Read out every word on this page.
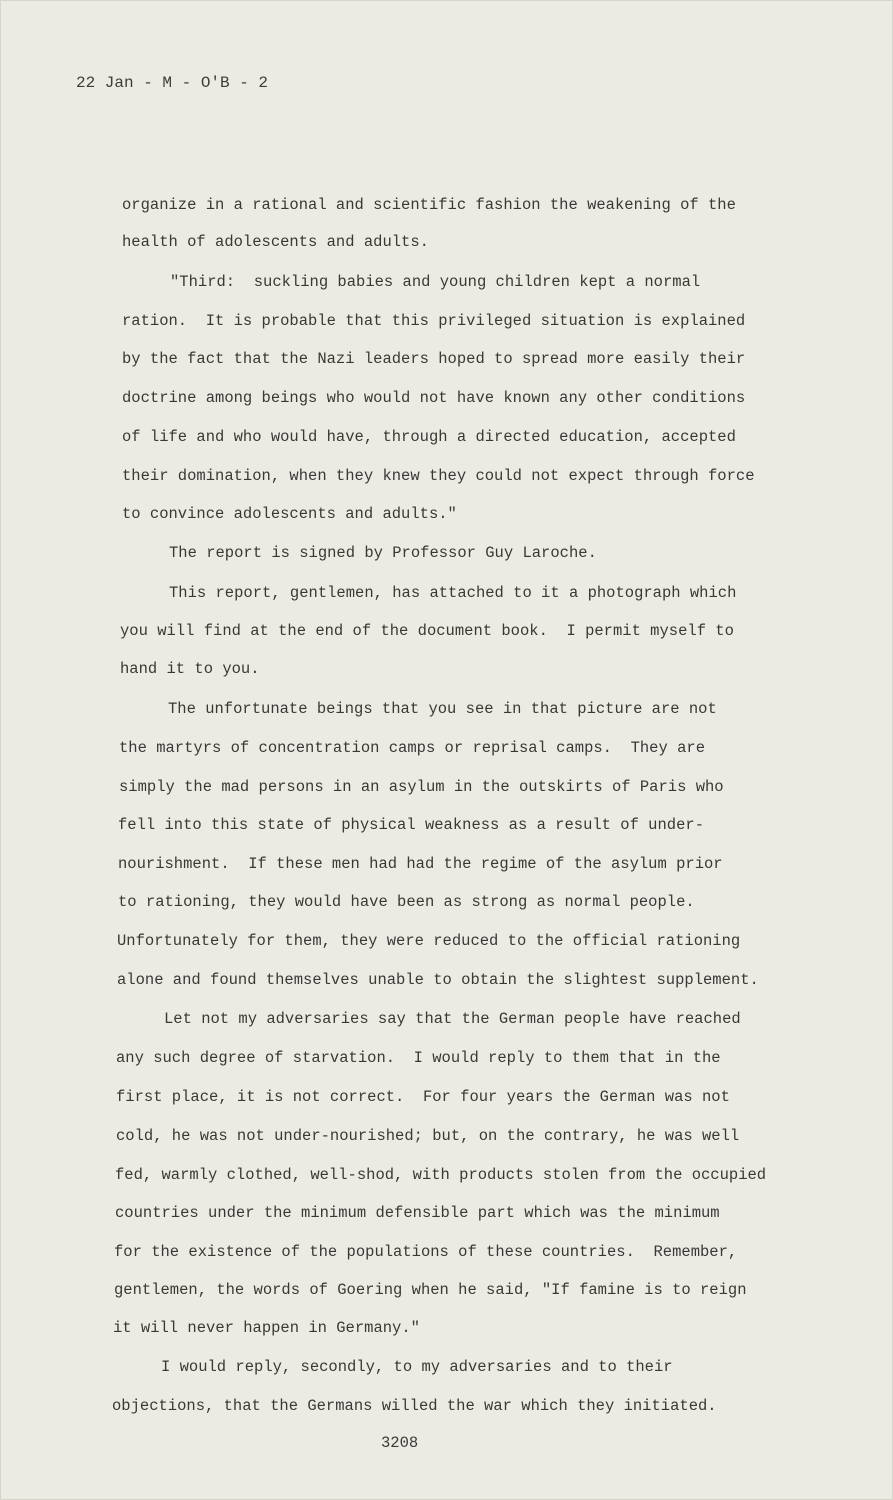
22 Jan - M - O'B - 2
organize in a rational and scientific fashion the weakening of the
health of adolescents and adults.
"Third:  suckling babies and young children kept a normal
ration.  It is probable that this privileged situation is explained
by the fact that the Nazi leaders hoped to spread more easily their
doctrine among beings who would not have known any other conditions
of life and who would have, through a directed education, accepted
their domination, when they knew they could not expect through force
to convince adolescents and adults."
The report is signed by Professor Guy Laroche.
This report, gentlemen, has attached to it a photograph which
you will find at the end of the document book.  I permit myself to
hand it to you.
The unfortunate beings that you see in that picture are not
the martyrs of concentration camps or reprisal camps.  They are
simply the mad persons in an asylum in the outskirts of Paris who
fell into this state of physical weakness as a result of under-
nourishment.  If these men had had the regime of the asylum prior
to rationing, they would have been as strong as normal people.
Unfortunately for them, they were reduced to the official rationing
alone and found themselves unable to obtain the slightest supplement.
Let not my adversaries say that the German people have reached
any such degree of starvation.  I would reply to them that in the
first place, it is not correct.  For four years the German was not
cold, he was not under-nourished; but, on the contrary, he was well
fed, warmly clothed, well-shod, with products stolen from the occupied
countries under the minimum defensible part which was the minimum
for the existence of the populations of these countries.  Remember,
gentlemen, the words of Goering when he said, "If famine is to reign
it will never happen in Germany."
I would reply, secondly, to my adversaries and to their
objections, that the Germans willed the war which they initiated.
3208
